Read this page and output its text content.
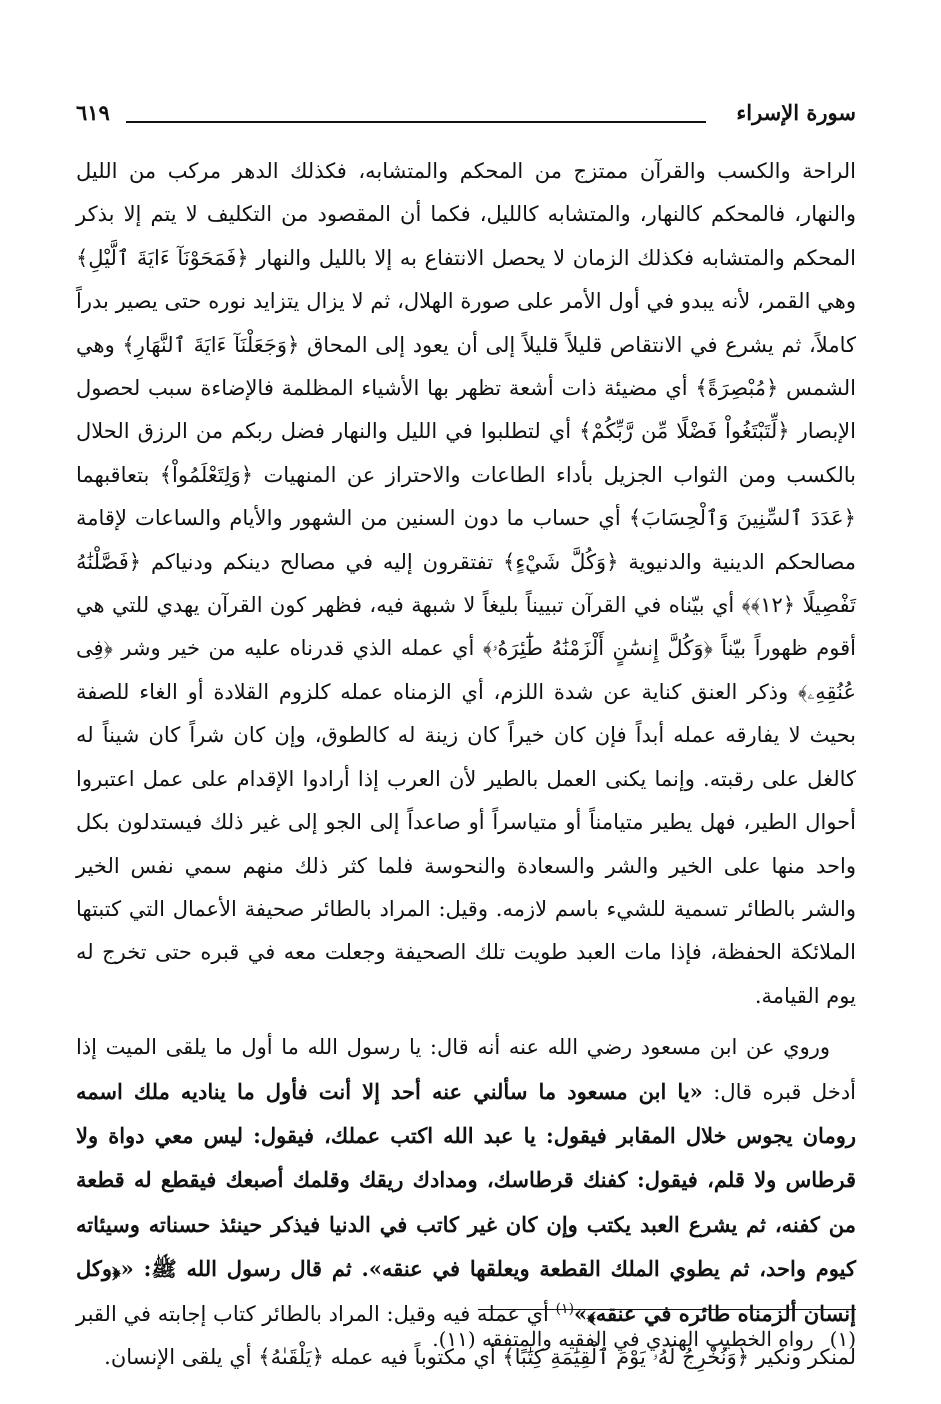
سورة الإسراء
٦١٩

الراحة والكسب والقرآن ممتزج من المحكم والمتشابه، فكذلك الدهر مركب من الليل والنهار، فالمحكم كالنهار، والمتشابه كالليل، فكما أن المقصود من التكليف لا يتم إلا بذكر المحكم والمتشابه فكذلك الزمان لا يحصل الانتفاع به إلا بالليل والنهار ﴿فَمَحَوْنَآ ءَايَةَ ٱلَّيْلِ﴾ وهي القمر، لأنه يبدو في أول الأمر على صورة الهلال، ثم لا يزال يتزايد نوره حتى يصير بدراً كاملاً، ثم يشرع في الانتقاص قليلاً قليلاً إلى أن يعود إلى المحاق ﴿وَجَعَلْنَآ ءَايَةَ ٱلنَّهَارِ﴾ وهي الشمس ﴿مُبْصِرَةً﴾ أي مضيئة ذات أشعة تظهر بها الأشياء المظلمة فالإضاءة سبب لحصول الإبصار ﴿لِّتَبْتَغُواْ فَضْلًا مِّن رَّبِّكُمْ﴾ أي لتطلبوا في الليل والنهار فضل ربكم من الرزق الحلال بالكسب ومن الثواب الجزيل بأداء الطاعات والاحتراز عن المنهيات ﴿وَلِتَعْلَمُواْ﴾ بتعاقبهما ﴿عَدَدَ ٱلسِّنِينَ وَٱلْحِسَابَ﴾ أي حساب ما دون السنين من الشهور والأيام والساعات لإقامة مصالحكم الدينية والدنيوية ﴿وَكُلَّ شَيْءٍ﴾ تفتقرون إليه في مصالح دينكم ودنياكم ﴿فَصَّلْنَٰهُ تَفْصِيلًا ﴿١٢﴾﴾ أي بيّناه في القرآن تبييناً بليغاً لا شبهة فيه، فظهر كون القرآن يهدي للتي هي أقوم ظهوراً بيّناً ﴿وَكُلَّ إِنسَٰنٍ أَلْزَمْنَٰهُ طَٰٓئِرَهُۥ﴾ أي عمله الذي قدرناه عليه من خير وشر ﴿فِى عُنُقِهِۦ﴾ وذكر العنق كناية عن شدة اللزم، أي الزمناه عمله كلزوم القلادة أو الغاء للصفة بحيث لا يفارقه عمله أبداً فإن كان خيراً كان زينة له كالطوق، وإن كان شراً كان شيناً له كالغل على رقبته. وإنما يكنى العمل بالطير لأن العرب إذا أرادوا الإقدام على عمل اعتبروا أحوال الطير، فهل يطير متيامناً أو متياسراً أو صاعداً إلى الجو إلى غير ذلك فيستدلون بكل واحد منها على الخير والشر والسعادة والنحوسة فلما كثر ذلك منهم سمي نفس الخير والشر بالطائر تسمية للشيء باسم لازمه. وقيل: المراد بالطائر صحيفة الأعمال التي كتبتها الملائكة الحفظة، فإذا مات العبد طويت تلك الصحيفة وجعلت معه في قبره حتى تخرج له يوم القيامة.

وروي عن ابن مسعود رضي الله عنه أنه قال: يا رسول الله ما أول ما يلقى الميت إذا أدخل قبره قال: «يا ابن مسعود ما سألني عنه أحد إلا أنت فأول ما يناديه ملك اسمه رومان يجوس خلال المقابر فيقول: يا عبد الله اكتب عملك، فيقول: ليس معي دواة ولا قرطاس ولا قلم، فيقول: كفنك قرطاسك، ومدادك ريقك وقلمك أصبعك فيقطع له قطعة من كفنه، ثم يشرع العبد يكتب وإن كان غير كاتب في الدنيا فيذكر حينئذ حسناته وسيئاته كيوم واحد، ثم يطوي الملك القطعة ويعلقها في عنقه». ثم قال رسول الله ﷺ: «﴿وكل إنسان ألزمناه طائره في عنقه﴾»$^{(١)}$ أي عمله فيه وقيل: المراد بالطائر كتاب إجابته في القبر لمنكر ونكير ﴿وَنُخْرِجُ لَهُۥ يَوْمَ ٱلْقِيَٰمَةِ كِتَٰبًا﴾ أي مكتوباً فيه عمله ﴿يَلْقَىٰهُ﴾ أي يلقى الإنسان.

(١)رواه الخطيب الهندي في الفقيه والمتفقه (١١).
